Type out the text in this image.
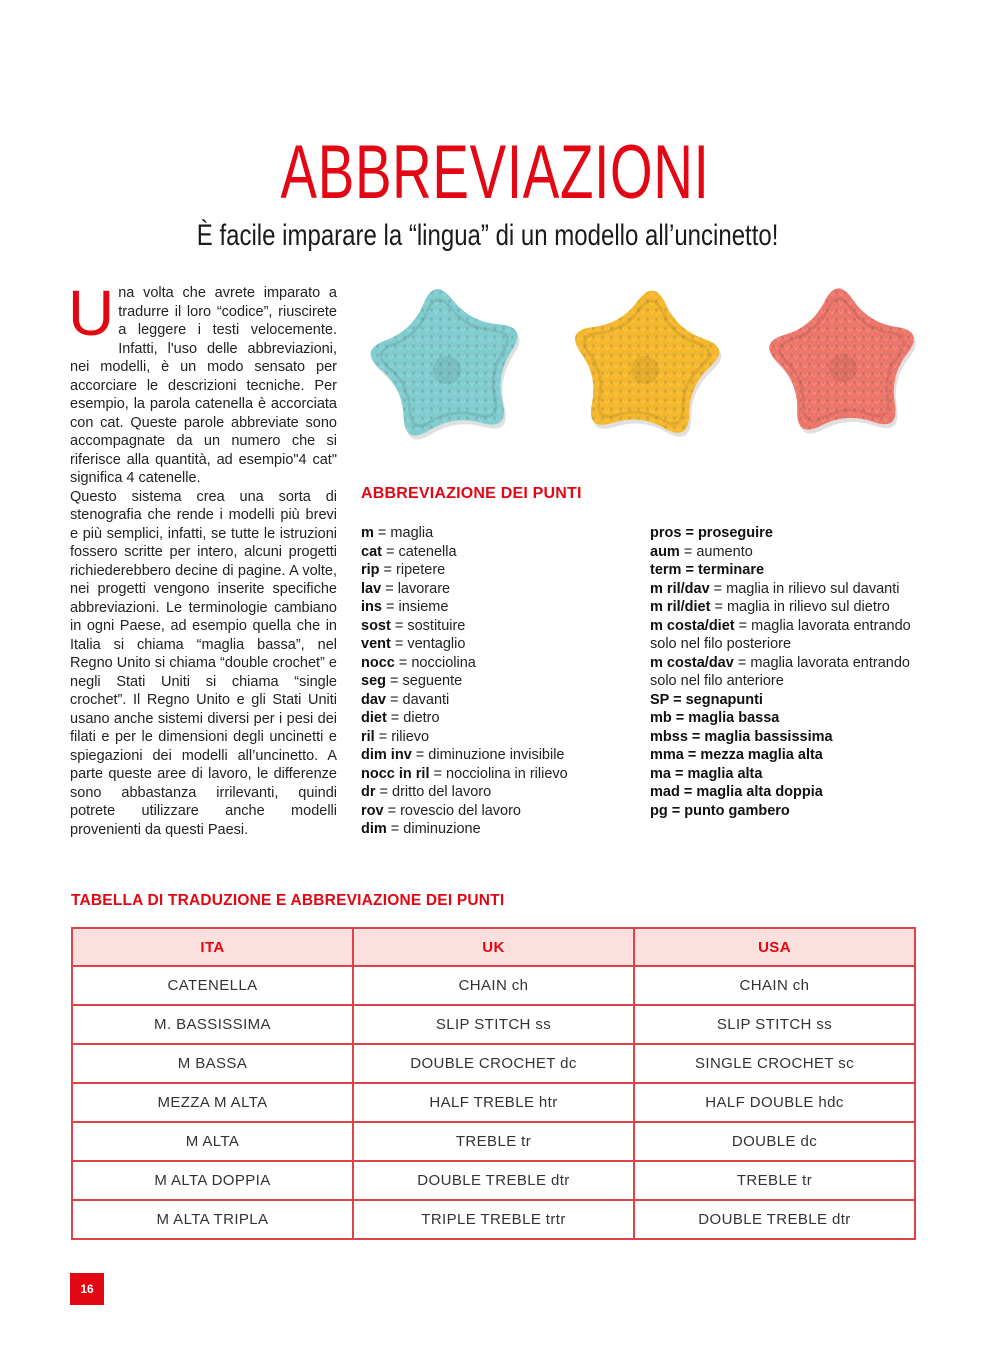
ABBREVIAZIONI
È facile imparare la “lingua” di un modello all’uncinetto!

Una volta che avrete imparato a tradurre il loro “codice”, riuscirete a leggere i testi velocemente. Infatti, l'uso delle abbreviazioni, nei modelli, è un modo sensato per accorciare le descrizioni tecniche. Per esempio, la parola catenella è accorciata con cat. Queste parole abbreviate sono accompagnate da un numero che si riferisce alla quantità, ad esempio"4 cat" significa 4 catenelle.

Questo sistema crea una sorta di stenografia che rende i modelli più brevi e più semplici, infatti, se tutte le istruzioni fossero scritte per intero, alcuni progetti richiederebbero decine di pagine. A volte, nei progetti vengono inserite specifiche abbreviazioni. Le terminologie cambiano in ogni Paese, ad esempio quella che in Italia si chiama “maglia bassa”, nel Regno Unito si chiama “double crochet” e negli Stati Uniti si chiama “single crochet”. Il Regno Unito e gli Stati Uniti usano anche sistemi diversi per i pesi dei filati e per le dimensioni degli uncinetti e spiegazioni dei modelli all’uncinetto. A parte queste aree di lavoro, le differenze sono abbastanza irrilevanti, quindi potrete utilizzare anche modelli provenienti da questi Paesi.

ABBREVIAZIONE DEI PUNTI
m = maglia
cat = catenella
rip = ripetere
lav = lavorare
ins = insieme
sost = sostituire
vent = ventaglio
nocc = nocciolina
seg = seguente
dav = davanti
diet = dietro
ril = rilievo
dim inv = diminuzione invisibile
nocc in ril = nocciolina in rilievo
dr = dritto del lavoro
rov = rovescio del lavoro
dim = diminuzione
pros = proseguire
aum = aumento
term = terminare
m ril/dav = maglia in rilievo sul davanti
m ril/diet = maglia in rilievo sul dietro
m costa/diet = maglia lavorata entrando solo nel filo posteriore
m costa/dav = maglia lavorata entrando solo nel filo anteriore
SP = segnapunti
mb = maglia bassa
mbss = maglia bassissima
mma = mezza maglia alta
ma = maglia alta
mad = maglia alta doppia
pg = punto gambero
TABELLA DI TRADUZIONE E ABBREVIAZIONE DEI PUNTI
ITA	UK	USA
CATENELLA	CHAIN ch	CHAIN ch
M. BASSISSIMA	SLIP STITCH ss	SLIP STITCH ss
M BASSA	DOUBLE CROCHET dc	SINGLE CROCHET sc
MEZZA M ALTA	HALF TREBLE htr	HALF DOUBLE hdc
M ALTA	TREBLE tr	DOUBLE dc
M ALTA DOPPIA	DOUBLE TREBLE dtr	TREBLE tr
M ALTA TRIPLA	TRIPLE TREBLE trtr	DOUBLE TREBLE dtr
16
